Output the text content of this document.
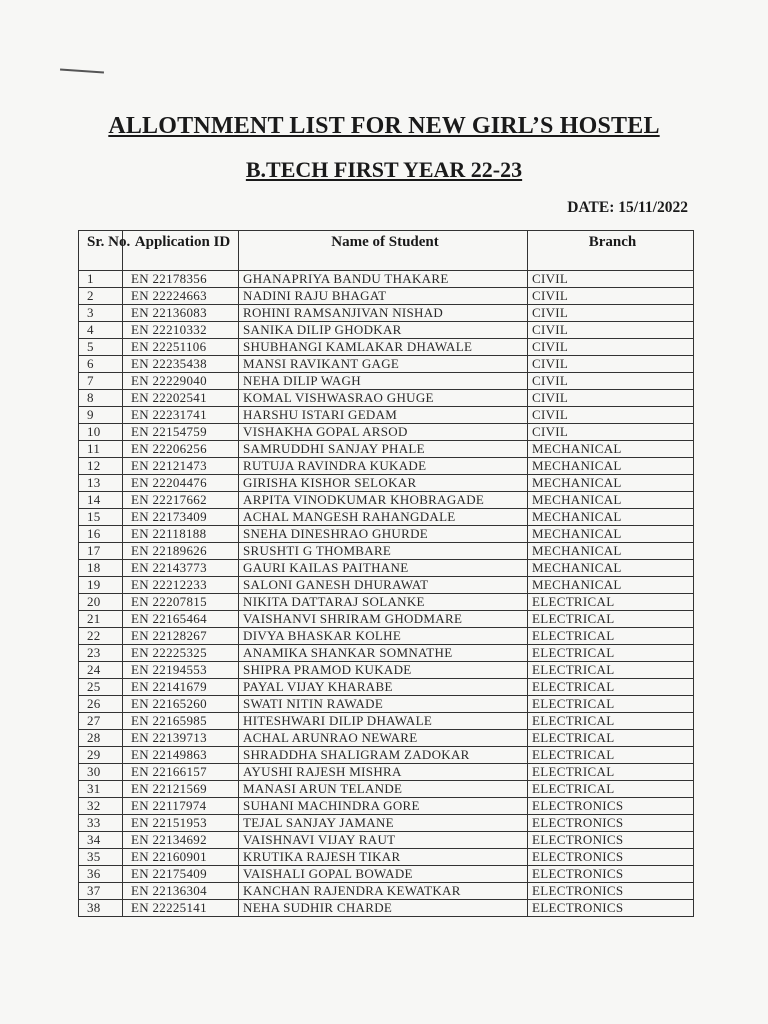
ALLOTNMENT LIST FOR NEW GIRL’S HOSTEL
B.TECH FIRST YEAR 22-23
DATE: 15/11/2022
Sr. No.	Application ID	Name of Student	Branch
1	EN 22178356	GHANAPRIYA BANDU THAKARE	CIVIL
2	EN 22224663	NADINI RAJU BHAGAT	CIVIL
3	EN 22136083	ROHINI RAMSANJIVAN NISHAD	CIVIL
4	EN 22210332	SANIKA DILIP GHODKAR	CIVIL
5	EN 22251106	SHUBHANGI KAMLAKAR DHAWALE	CIVIL
6	EN 22235438	MANSI RAVIKANT GAGE	CIVIL
7	EN 22229040	NEHA DILIP WAGH	CIVIL
8	EN 22202541	KOMAL VISHWASRAO GHUGE	CIVIL
9	EN 22231741	HARSHU ISTARI GEDAM	CIVIL
10	EN 22154759	VISHAKHA GOPAL ARSOD	CIVIL
11	EN 22206256	SAMRUDDHI SANJAY PHALE	MECHANICAL
12	EN 22121473	RUTUJA RAVINDRA KUKADE	MECHANICAL
13	EN 22204476	GIRISHA KISHOR SELOKAR	MECHANICAL
14	EN 22217662	ARPITA VINODKUMAR KHOBRAGADE	MECHANICAL
15	EN 22173409	ACHAL MANGESH RAHANGDALE	MECHANICAL
16	EN 22118188	SNEHA DINESHRAO GHURDE	MECHANICAL
17	EN 22189626	SRUSHTI G THOMBARE	MECHANICAL
18	EN 22143773	GAURI KAILAS PAITHANE	MECHANICAL
19	EN 22212233	SALONI GANESH DHURAWAT	MECHANICAL
20	EN 22207815	NIKITA DATTARAJ SOLANKE	ELECTRICAL
21	EN 22165464	VAISHANVI SHRIRAM GHODMARE	ELECTRICAL
22	EN 22128267	DIVYA BHASKAR KOLHE	ELECTRICAL
23	EN 22225325	ANAMIKA SHANKAR SOMNATHE	ELECTRICAL
24	EN 22194553	SHIPRA PRAMOD KUKADE	ELECTRICAL
25	EN 22141679	PAYAL VIJAY KHARABE	ELECTRICAL
26	EN 22165260	SWATI NITIN RAWADE	ELECTRICAL
27	EN 22165985	HITESHWARI DILIP DHAWALE	ELECTRICAL
28	EN 22139713	ACHAL ARUNRAO NEWARE	ELECTRICAL
29	EN 22149863	SHRADDHA SHALIGRAM ZADOKAR	ELECTRICAL
30	EN 22166157	AYUSHI RAJESH MISHRA	ELECTRICAL
31	EN 22121569	MANASI ARUN TELANDE	ELECTRICAL
32	EN 22117974	SUHANI MACHINDRA GORE	ELECTRONICS
33	EN 22151953	TEJAL SANJAY JAMANE	ELECTRONICS
34	EN 22134692	VAISHNAVI VIJAY RAUT	ELECTRONICS
35	EN 22160901	KRUTIKA RAJESH TIKAR	ELECTRONICS
36	EN 22175409	VAISHALI GOPAL BOWADE	ELECTRONICS
37	EN 22136304	KANCHAN RAJENDRA KEWATKAR	ELECTRONICS
38	EN 22225141	NEHA SUDHIR CHARDE	ELECTRONICS
